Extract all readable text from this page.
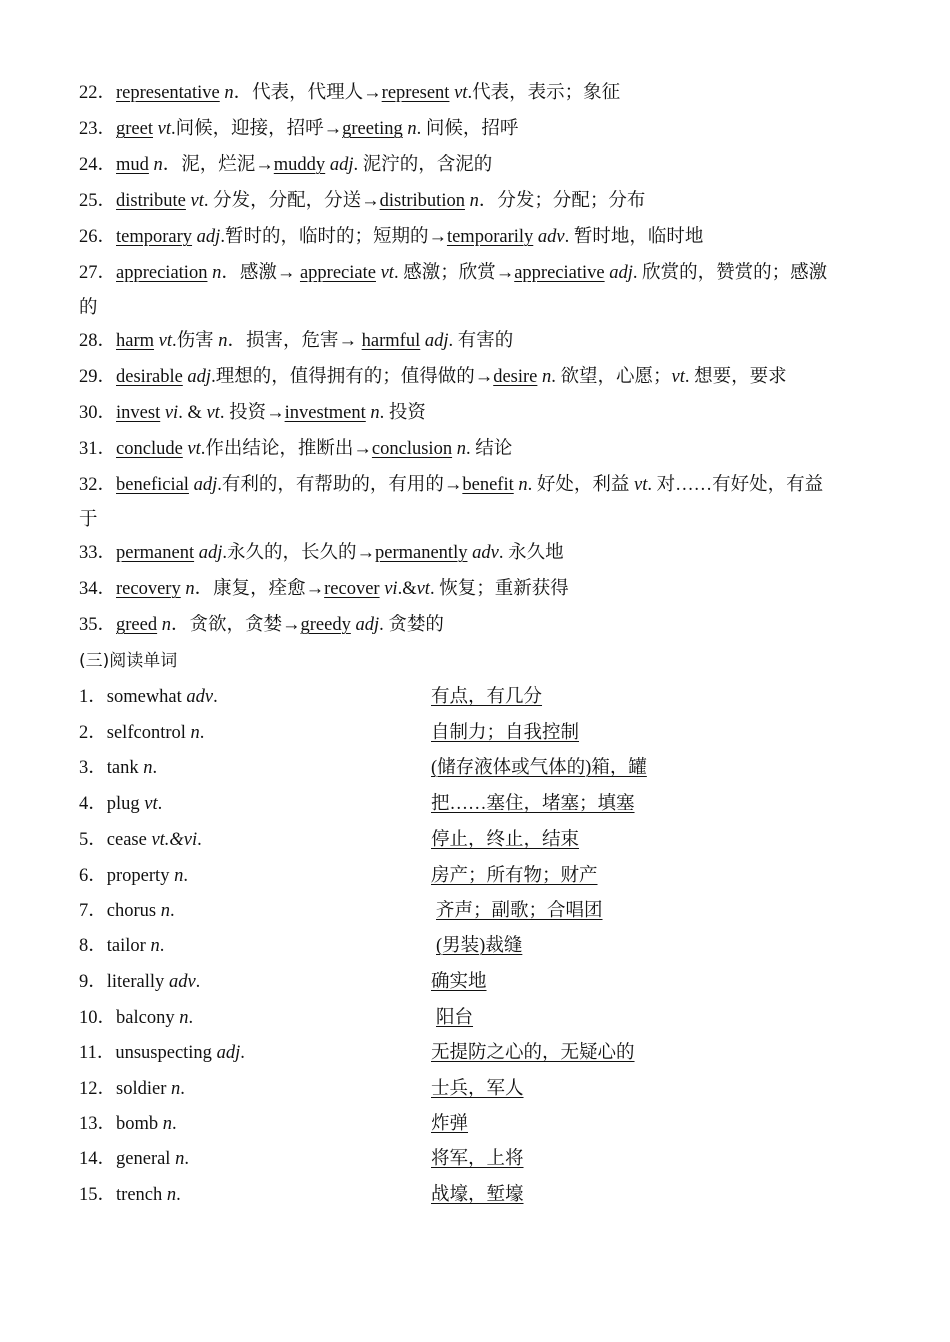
22．representative n．代表，代理人→represent vt.代表，表示；象征
23．greet vt.问候，迎接，招呼→greeting n. 问候，招呼
24．mud n．泥，烂泥→muddy adj. 泥泞的，含泥的
25．distribute vt. 分发，分配，分送→distribution n．分发；分配；分布
26．temporary adj.暂时的，临时的；短期的→temporarily adv. 暂时地，临时地
27．appreciation n．感激→ appreciate vt. 感激；欣赏→appreciative adj. 欣赏的，赞赏的；感激
的
28．harm vt.伤害 n．损害，危害→ harmful adj. 有害的
29．desirable adj.理想的，值得拥有的；值得做的→desire n. 欲望，心愿；vt. 想要，要求
30．invest vi. & vt. 投资→investment n. 投资
31．conclude vt.作出结论，推断出→conclusion n. 结论
32．beneficial adj.有利的，有帮助的，有用的→benefit n. 好处，利益 vt. 对……有好处，有益
于
33．permanent adj.永久的，长久的→permanently adv. 永久地
34．recovery n．康复，痊愈→recover vi.&vt. 恢复；重新获得
35．greed n．贪欲，贪婪→greedy adj. 贪婪的
(三)阅读单词
1．somewhat adv.	有点，有几分
2．selfcontrol n.	自制力；自我控制
3．tank n.	(储存液体或气体的)箱，罐
4．plug vt.	把……塞住，堵塞；填塞
5．cease vt.&vi.	停止，终止，结束
6．property n.	房产；所有物；财产
7．chorus n.	齐声；副歌；合唱团
8．tailor n.	(男装)裁缝
9．literally adv.	确实地
10．balcony n.	阳台
11．unsuspecting adj.	无提防之心的，无疑心的
12．soldier n.	士兵，军人
13．bomb n.	炸弹
14．general n.	将军，上将
15．trench n.	战壕，堑壕
